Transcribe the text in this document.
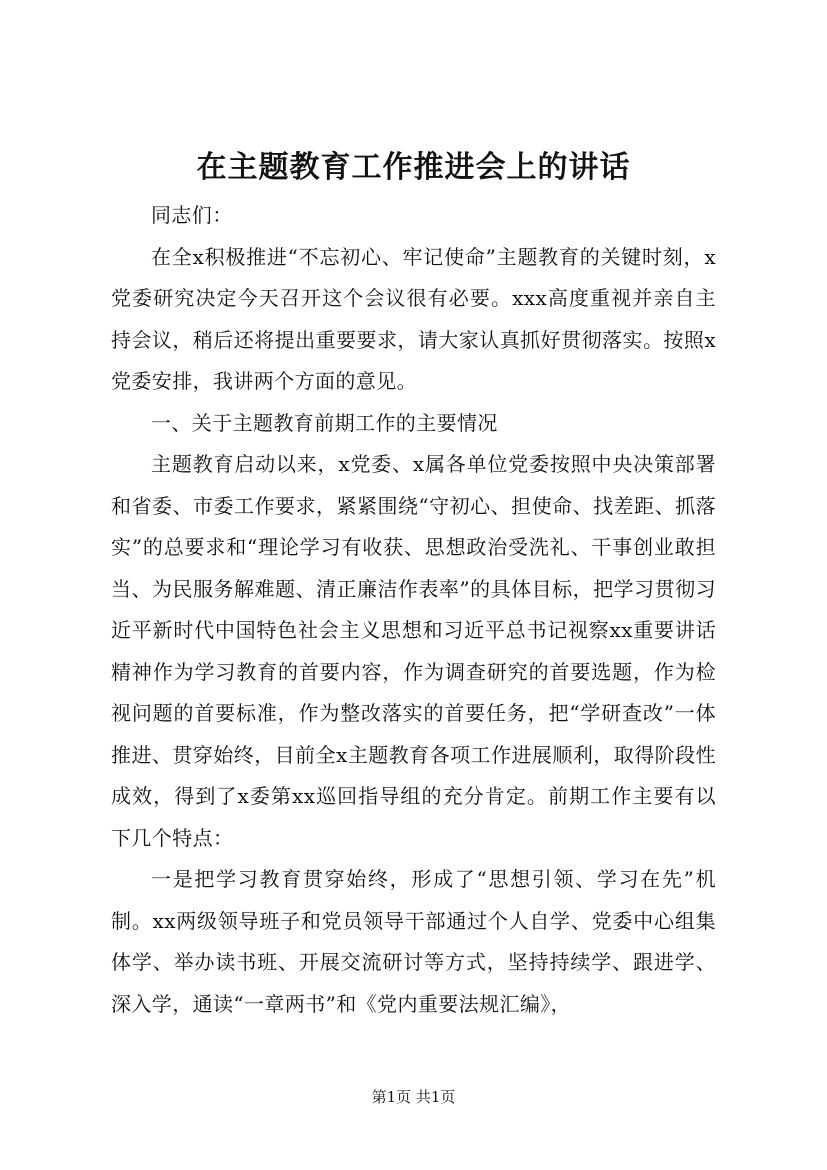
在主题教育工作推进会上的讲话

同志们：

在全x积极推进“不忘初心、牢记使命”主题教育的关键时刻，x党委研究决定今天召开这个会议很有必要。xxx高度重视并亲自主持会议，稍后还将提出重要要求，请大家认真抓好贯彻落实。按照x党委安排，我讲两个方面的意见。

一、关于主题教育前期工作的主要情况

主题教育启动以来，x党委、x属各单位党委按照中央决策部署和省委、市委工作要求，紧紧围绕“守初心、担使命、找差距、抓落实”的总要求和“理论学习有收获、思想政治受洗礼、干事创业敢担当、为民服务解难题、清正廉洁作表率”的具体目标，把学习贯彻习近平新时代中国特色社会主义思想和习近平总书记视察xx重要讲话精神作为学习教育的首要内容，作为调查研究的首要选题，作为检视问题的首要标准，作为整改落实的首要任务，把“学研查改”一体推进、贯穿始终，目前全x主题教育各项工作进展顺利，取得阶段性成效，得到了x委第xx巡回指导组的充分肯定。前期工作主要有以下几个特点：

一是把学习教育贯穿始终，形成了“思想引领、学习在先”机制。xx两级领导班子和党员领导干部通过个人自学、党委中心组集体学、举办读书班、开展交流研讨等方式，坚持持续学、跟进学、深入学，通读“一章两书”和《党内重要法规汇编》，

第1页 共1页
